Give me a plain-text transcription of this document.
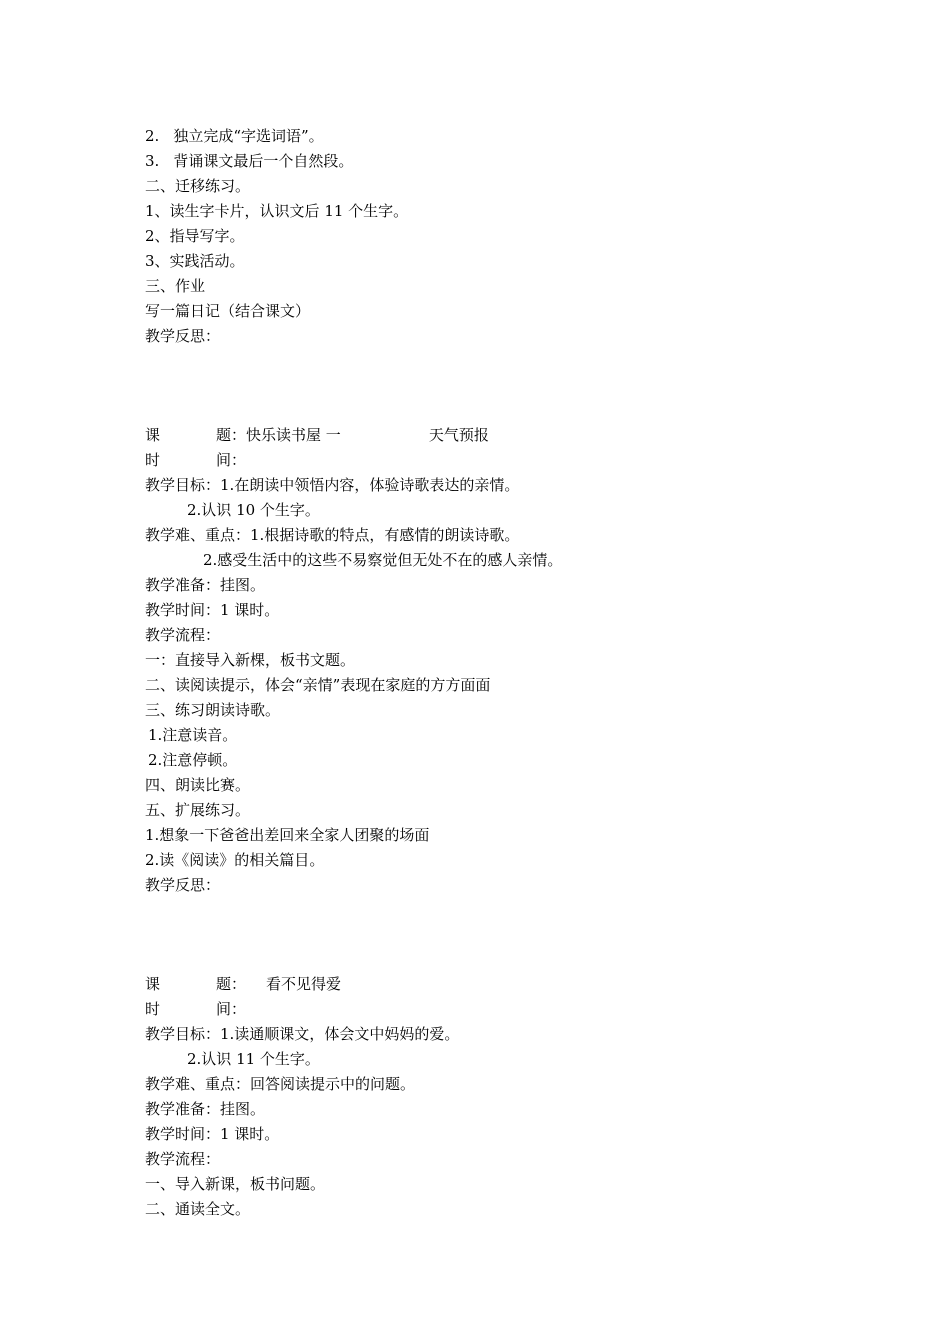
2. 独立完成“字选词语”。
3. 背诵课文最后一个自然段。
二、迁移练习。
1、读生字卡片，认识文后 11 个生字。
2、指导写字。
3、实践活动。
三、作业
写一篇日记（结合课文）
教学反思：
课	题：快乐读书屋 一	天气预报
时	间：
教学目标：1.在朗读中领悟内容，体验诗歌表达的亲情。
2.认识 10 个生字。
教学难、重点：1.根据诗歌的特点，有感情的朗读诗歌。
2.感受生活中的这些不易察觉但无处不在的感人亲情。
教学准备：挂图。
教学时间：1 课时。
教学流程：
一：直接导入新棵，板书文题。
二、读阅读提示，体会“亲情”表现在家庭的方方面面
三、练习朗读诗歌。
1.注意读音。
2.注意停顿。
四、朗读比赛。
五、扩展练习。
1.想象一下爸爸出差回来全家人团聚的场面
2.读《阅读》的相关篇目。
教学反思：
课	题： 看不见得爱
时	间：
教学目标：1.读通顺课文，体会文中妈妈的爱。
2.认识 11 个生字。
教学难、重点：回答阅读提示中的问题。
教学准备：挂图。
教学时间：1 课时。
教学流程：
一、导入新课，板书问题。
二、通读全文。
